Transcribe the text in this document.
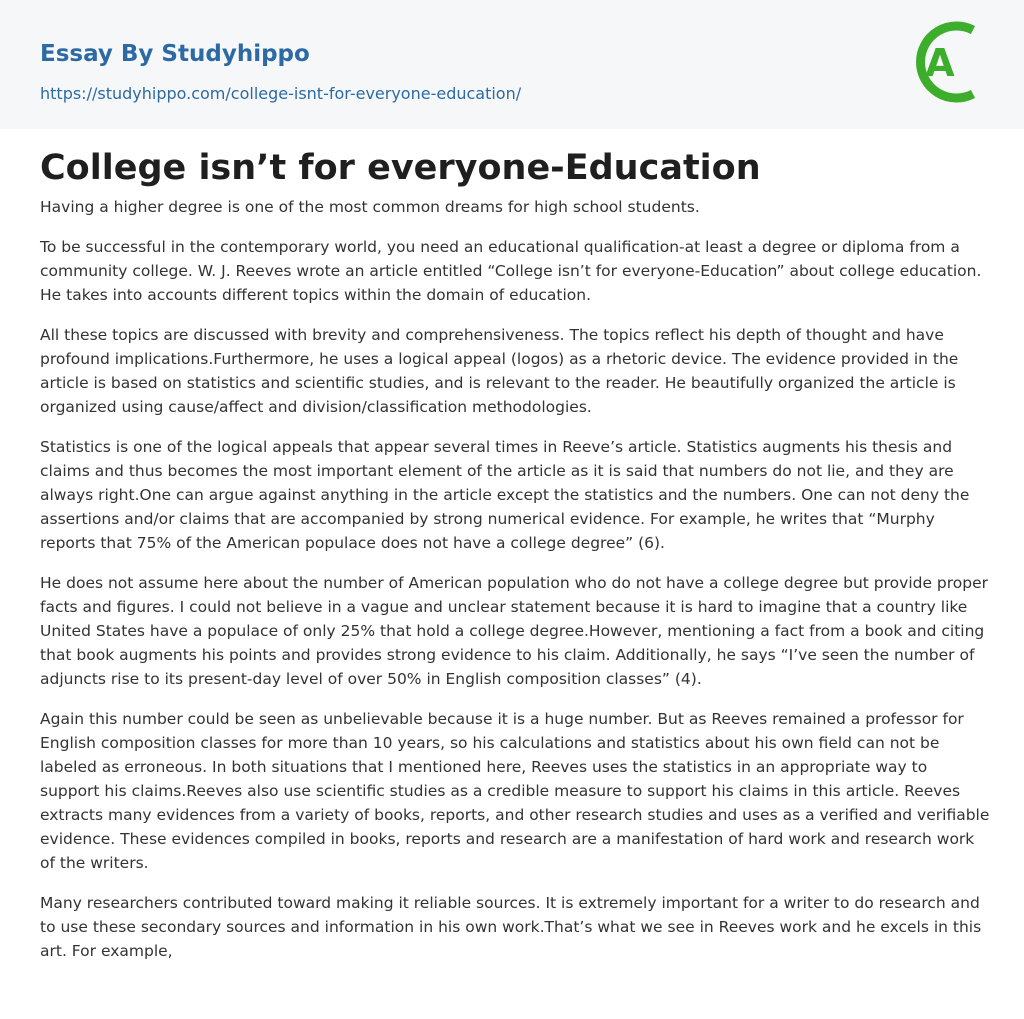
Essay By Studyhippo
https://studyhippo.com/college-isnt-for-everyone-education/
A
College isn’t for everyone-Education

Having a higher degree is one of the most common dreams for high school students.

To be successful in the contemporary world, you need an educational qualification-at least a degree or diploma from a community college. W. J. Reeves wrote an article entitled “College isn’t for everyone-Education” about college education. He takes into accounts different topics within the domain of education.

All these topics are discussed with brevity and comprehensiveness. The topics reflect his depth of thought and have profound implications.Furthermore, he uses a logical appeal (logos) as a rhetoric device. The evidence provided in the article is based on statistics and scientific studies, and is relevant to the reader. He beautifully organized the article is organized using cause/affect and division/classification methodologies.

Statistics is one of the logical appeals that appear several times in Reeve’s article. Statistics augments his thesis and claims and thus becomes the most important element of the article as it is said that numbers do not lie, and they are always right.One can argue against anything in the article except the statistics and the numbers. One can not deny the assertions and/or claims that are accompanied by strong numerical evidence. For example, he writes that “Murphy reports that 75% of the American populace does not have a college degree” (6).

He does not assume here about the number of American population who do not have a college degree but provide proper facts and figures. I could not believe in a vague and unclear statement because it is hard to imagine that a country like United States have a populace of only 25% that hold a college degree.However, mentioning a fact from a book and citing that book augments his points and provides strong evidence to his claim. Additionally, he says “I’ve seen the number of adjuncts rise to its present-day level of over 50% in English composition classes” (4).

Again this number could be seen as unbelievable because it is a huge number. But as Reeves remained a professor for English composition classes for more than 10 years, so his calculations and statistics about his own field can not be labeled as erroneous. In both situations that I mentioned here, Reeves uses the statistics in an appropriate way to support his claims.Reeves also use scientific studies as a credible measure to support his claims in this article. Reeves extracts many evidences from a variety of books, reports, and other research studies and uses as a verified and verifiable evidence. These evidences compiled in books, reports and research are a manifestation of hard work and research work of the writers.

Many researchers contributed toward making it reliable sources. It is extremely important for a writer to do research and to use these secondary sources and information in his own work.That’s what we see in Reeves work and he excels in this art. For example,
